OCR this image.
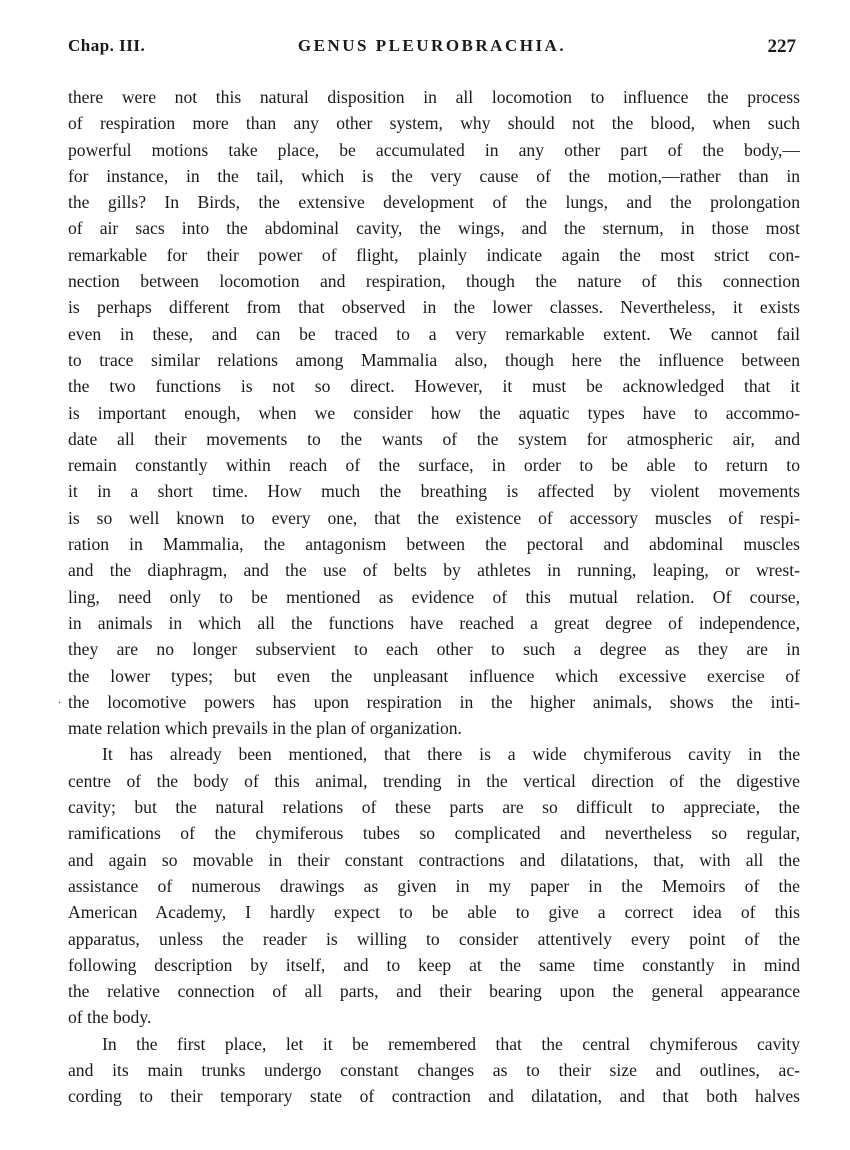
Chap. III.	GENUS PLEUROBRACHIA.	227
.
there were not this natural disposition in all locomotion to influence the process
of respiration more than any other system, why should not the blood, when such
powerful motions take place, be accumulated in any other part of the body,—
for instance, in the tail, which is the very cause of the motion,—rather than in
the gills? In Birds, the extensive development of the lungs, and the prolongation
of air sacs into the abdominal cavity, the wings, and the sternum, in those most
remarkable for their power of flight, plainly indicate again the most strict con-
nection between locomotion and respiration, though the nature of this connection
is perhaps different from that observed in the lower classes. Nevertheless, it exists
even in these, and can be traced to a very remarkable extent. We cannot fail
to trace similar relations among Mammalia also, though here the influence between
the two functions is not so direct. However, it must be acknowledged that it
is important enough, when we consider how the aquatic types have to accommo-
date all their movements to the wants of the system for atmospheric air, and
remain constantly within reach of the surface, in order to be able to return to
it in a short time. How much the breathing is affected by violent movements
is so well known to every one, that the existence of accessory muscles of respi-
ration in Mammalia, the antagonism between the pectoral and abdominal muscles
and the diaphragm, and the use of belts by athletes in running, leaping, or wrest-
ling, need only to be mentioned as evidence of this mutual relation. Of course,
in animals in which all the functions have reached a great degree of independence,
they are no longer subservient to each other to such a degree as they are in
the lower types; but even the unpleasant influence which excessive exercise of
the locomotive powers has upon respiration in the higher animals, shows the inti-
mate relation which prevails in the plan of organization.
It has already been mentioned, that there is a wide chymiferous cavity in the
centre of the body of this animal, trending in the vertical direction of the digestive
cavity; but the natural relations of these parts are so difficult to appreciate, the
ramifications of the chymiferous tubes so complicated and nevertheless so regular,
and again so movable in their constant contractions and dilatations, that, with all the
assistance of numerous drawings as given in my paper in the Memoirs of the
American Academy, I hardly expect to be able to give a correct idea of this
apparatus, unless the reader is willing to consider attentively every point of the
following description by itself, and to keep at the same time constantly in mind
the relative connection of all parts, and their bearing upon the general appearance
of the body.
In the first place, let it be remembered that the central chymiferous cavity
and its main trunks undergo constant changes as to their size and outlines, ac-
cording to their temporary state of contraction and dilatation, and that both halves
